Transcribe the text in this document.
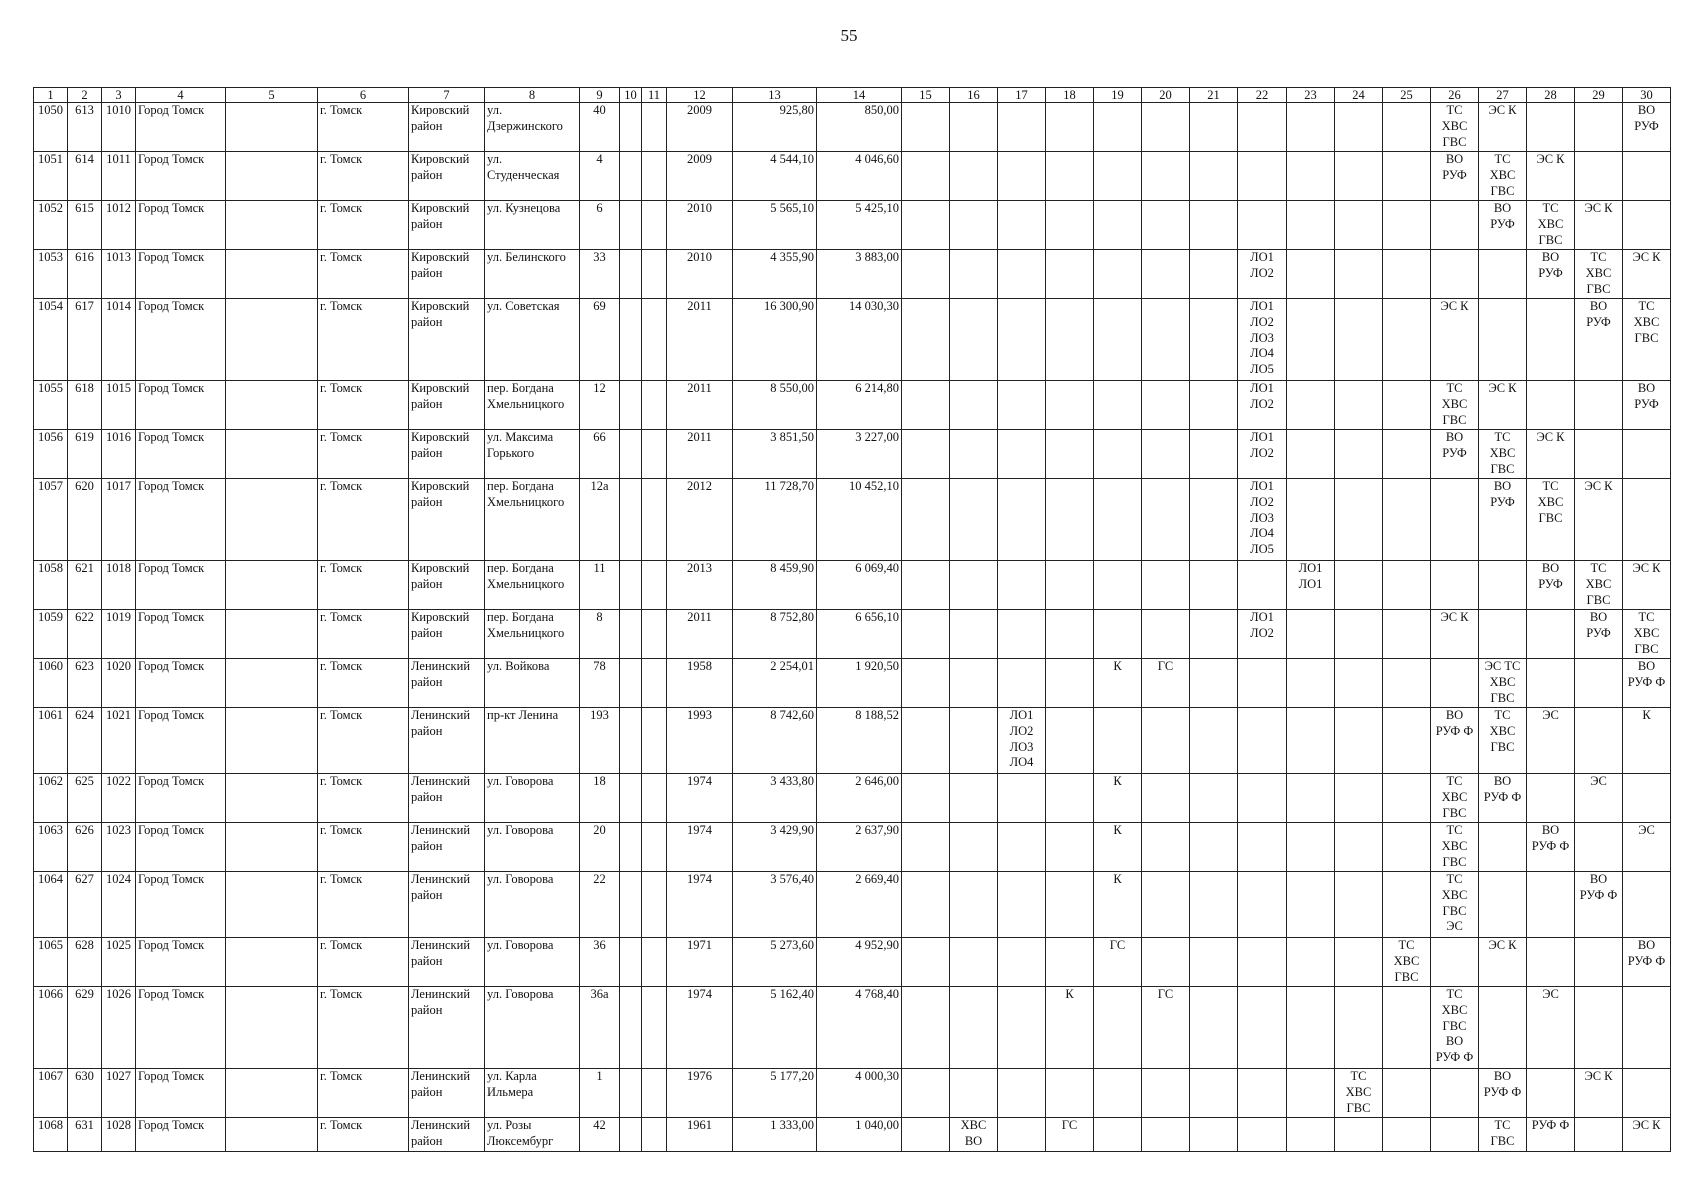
55
1	2	3	4	5	6	7	8	9	10	11	12	13	14	15	16	17	18	19	20	21	22	23	24	25	26	27	28	29	30
1050	613	1010	Город Томск		г. Томск	Кировский
район	ул.
Дзержинского	40			2009	925,80	850,00												ТС
ХВС
ГВС	ЭС К			ВО
РУФ
1051	614	1011	Город Томск		г. Томск	Кировский
район	ул.
Студенческая	4			2009	4 544,10	4 046,60												ВО
РУФ	ТС
ХВС
ГВС	ЭС К		
1052	615	1012	Город Томск		г. Томск	Кировский
район	ул. Кузнецова	6			2010	5 565,10	5 425,10													ВО
РУФ	ТС
ХВС
ГВС	ЭС К	
1053	616	1013	Город Томск		г. Томск	Кировский
район	ул. Белинского	33			2010	4 355,90	3 883,00								ЛО1
ЛО2						ВО
РУФ	ТС
ХВС
ГВС	ЭС К
1054	617	1014	Город Томск		г. Томск	Кировский
район	ул. Советская	69			2011	16 300,90	14 030,30								ЛО1
ЛО2
ЛО3
ЛО4
ЛО5				ЭС К			ВО
РУФ	ТС
ХВС
ГВС
1055	618	1015	Город Томск		г. Томск	Кировский
район	пер. Богдана
Хмельницкого	12			2011	8 550,00	6 214,80								ЛО1
ЛО2				ТС
ХВС
ГВС	ЭС К			ВО
РУФ
1056	619	1016	Город Томск		г. Томск	Кировский
район	ул. Максима
Горького	66			2011	3 851,50	3 227,00								ЛО1
ЛО2				ВО
РУФ	ТС
ХВС
ГВС	ЭС К		
1057	620	1017	Город Томск		г. Томск	Кировский
район	пер. Богдана
Хмельницкого	12а			2012	11 728,70	10 452,10								ЛО1
ЛО2
ЛО3
ЛО4
ЛО5					ВО
РУФ	ТС
ХВС
ГВС	ЭС К	
1058	621	1018	Город Томск		г. Томск	Кировский
район	пер. Богдана
Хмельницкого	11			2013	8 459,90	6 069,40									ЛО1
ЛО1					ВО
РУФ	ТС
ХВС
ГВС	ЭС К
1059	622	1019	Город Томск		г. Томск	Кировский
район	пер. Богдана
Хмельницкого	8			2011	8 752,80	6 656,10								ЛО1
ЛО2				ЭС К			ВО
РУФ	ТС
ХВС
ГВС
1060	623	1020	Город Томск		г. Томск	Ленинский
район	ул. Войкова	78			1958	2 254,01	1 920,50					К	ГС							ЭС ТС
ХВС
ГВС			ВО
РУФ Ф
1061	624	1021	Город Томск		г. Томск	Ленинский
район	пр-кт Ленина	193			1993	8 742,60	8 188,52			ЛО1
ЛО2
ЛО3
ЛО4									ВО
РУФ Ф	ТС
ХВС
ГВС	ЭС		К
1062	625	1022	Город Томск		г. Томск	Ленинский
район	ул. Говорова	18			1974	3 433,80	2 646,00					К							ТС
ХВС
ГВС	ВО
РУФ Ф		ЭС	
1063	626	1023	Город Томск		г. Томск	Ленинский
район	ул. Говорова	20			1974	3 429,90	2 637,90					К							ТС
ХВС
ГВС		ВО
РУФ Ф		ЭС
1064	627	1024	Город Томск		г. Томск	Ленинский
район	ул. Говорова	22			1974	3 576,40	2 669,40					К							ТС
ХВС
ГВС
ЭС			ВО
РУФ Ф	
1065	628	1025	Город Томск		г. Томск	Ленинский
район	ул. Говорова	36			1971	5 273,60	4 952,90					ГС						ТС
ХВС
ГВС		ЭС К			ВО
РУФ Ф
1066	629	1026	Город Томск		г. Томск	Ленинский
район	ул. Говорова	36а			1974	5 162,40	4 768,40				К		ГС						ТС
ХВС
ГВС
ВО
РУФ Ф		ЭС		
1067	630	1027	Город Томск		г. Томск	Ленинский
район	ул. Карла
Ильмера	1			1976	5 177,20	4 000,30										ТС
ХВС
ГВС			ВО
РУФ Ф		ЭС К	
1068	631	1028	Город Томск		г. Томск	Ленинский
район	ул. Розы
Люксембург	42			1961	1 333,00	1 040,00		ХВС
ВО		ГС									ТС
ГВС	РУФ Ф		ЭС К
